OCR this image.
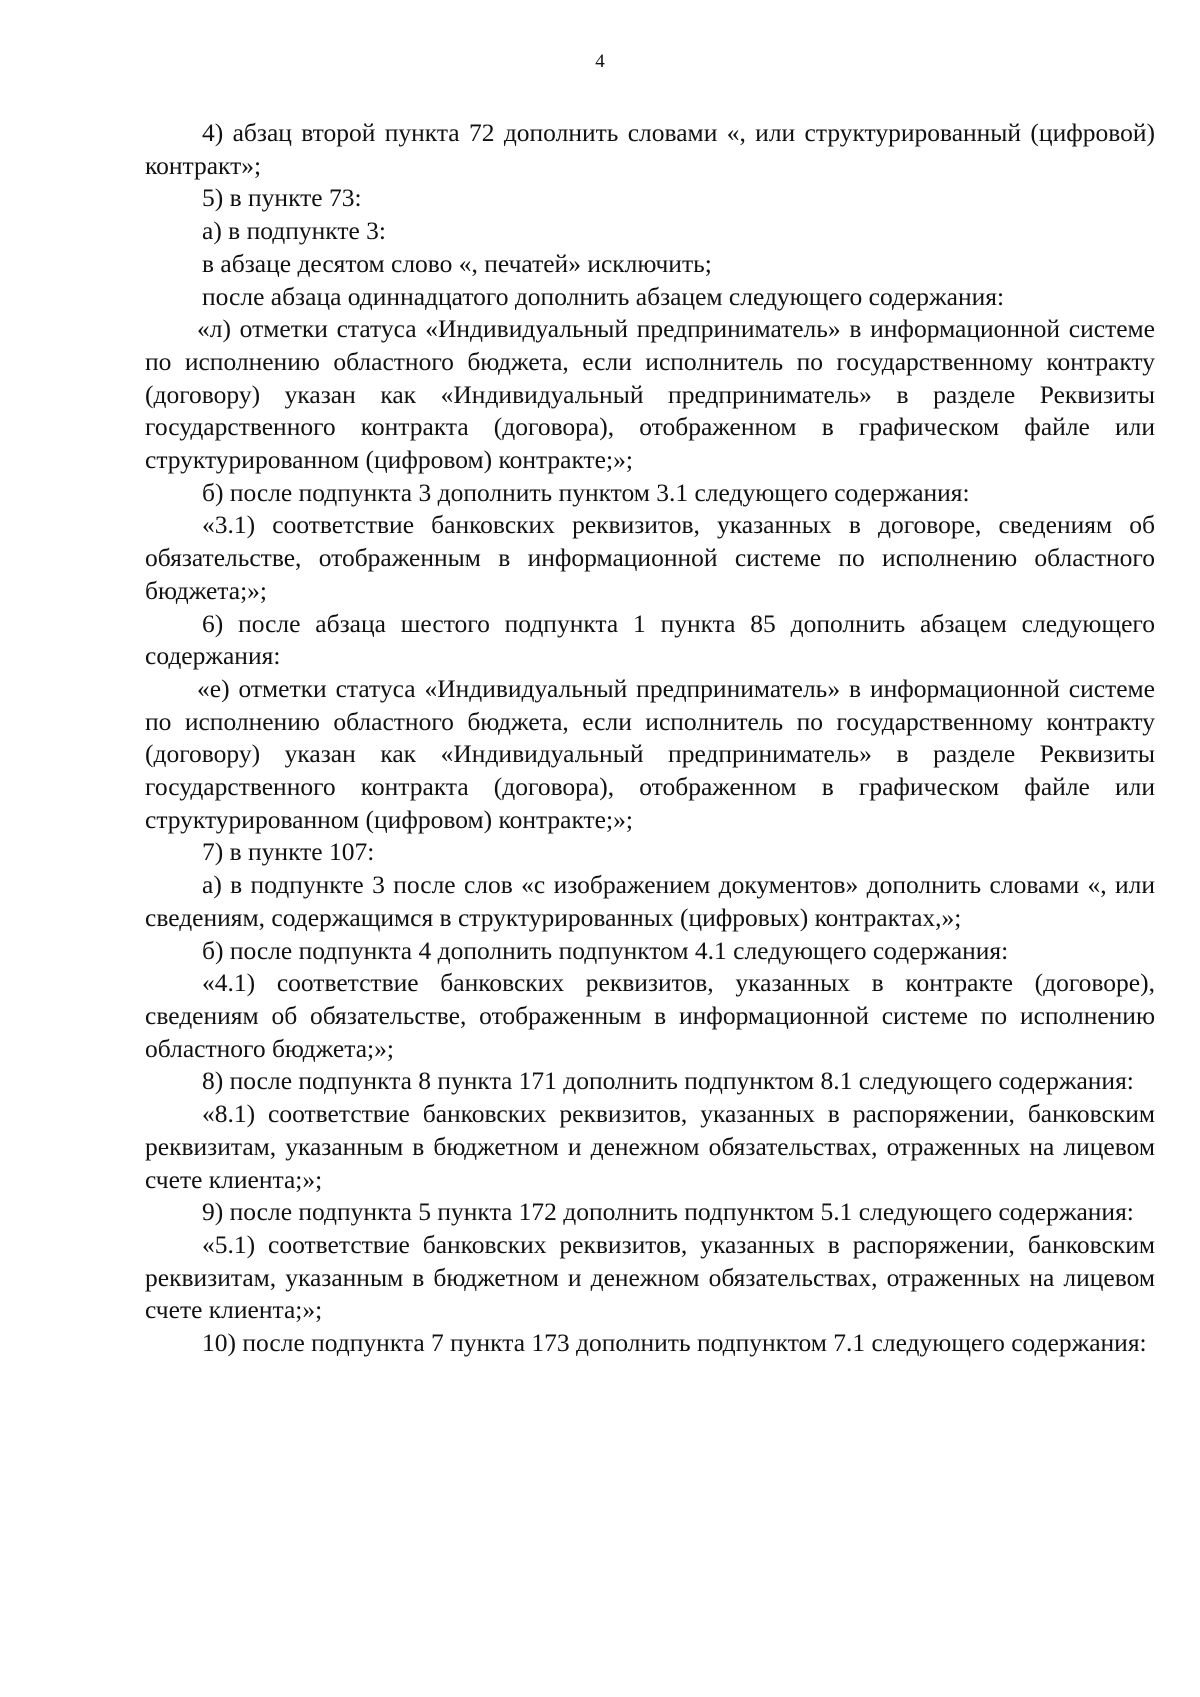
4

4) абзац второй пункта 72 дополнить словами «, или структурированный (цифровой) контракт»;

5) в пункте 73:

а) в подпункте 3:

в абзаце десятом слово «, печатей» исключить;

после абзаца одиннадцатого дополнить абзацем следующего содержания:

«л) отметки статуса «Индивидуальный предприниматель» в информационной системе по исполнению областного бюджета, если исполнитель по государственному контракту (договору) указан как «Индивидуальный предприниматель» в разделе Реквизиты государственного контракта (договора), отображенном в графическом файле или структурированном (цифровом) контракте;»;

б) после подпункта 3 дополнить пунктом 3.1 следующего содержания:

«3.1) соответствие банковских реквизитов, указанных в договоре, сведениям об обязательстве, отображенным в информационной системе по исполнению областного бюджета;»;

6) после абзаца шестого подпункта 1 пункта 85 дополнить абзацем следующего содержания:

«е) отметки статуса «Индивидуальный предприниматель» в информационной системе по исполнению областного бюджета, если исполнитель по государственному контракту (договору) указан как «Индивидуальный предприниматель» в разделе Реквизиты государственного контракта (договора), отображенном в графическом файле или структурированном (цифровом) контракте;»;

7) в пункте 107:

а) в подпункте 3 после слов «с изображением документов» дополнить словами «, или сведениям, содержащимся в структурированных (цифровых) контрактах,»;

б) после подпункта 4 дополнить подпунктом 4.1 следующего содержания:

«4.1) соответствие банковских реквизитов, указанных в контракте (договоре), сведениям об обязательстве, отображенным в информационной системе по исполнению областного бюджета;»;

8) после подпункта 8 пункта 171 дополнить подпунктом 8.1 следующего содержания:

«8.1) соответствие банковских реквизитов, указанных в распоряжении, банковским реквизитам, указанным в бюджетном и денежном обязательствах, отраженных на лицевом счете клиента;»;

9) после подпункта 5 пункта 172 дополнить подпунктом 5.1 следующего содержания:

«5.1) соответствие банковских реквизитов, указанных в распоряжении, банковским реквизитам, указанным в бюджетном и денежном обязательствах, отраженных на лицевом счете клиента;»;

10) после подпункта 7 пункта 173 дополнить подпунктом 7.1 следующего содержания:
